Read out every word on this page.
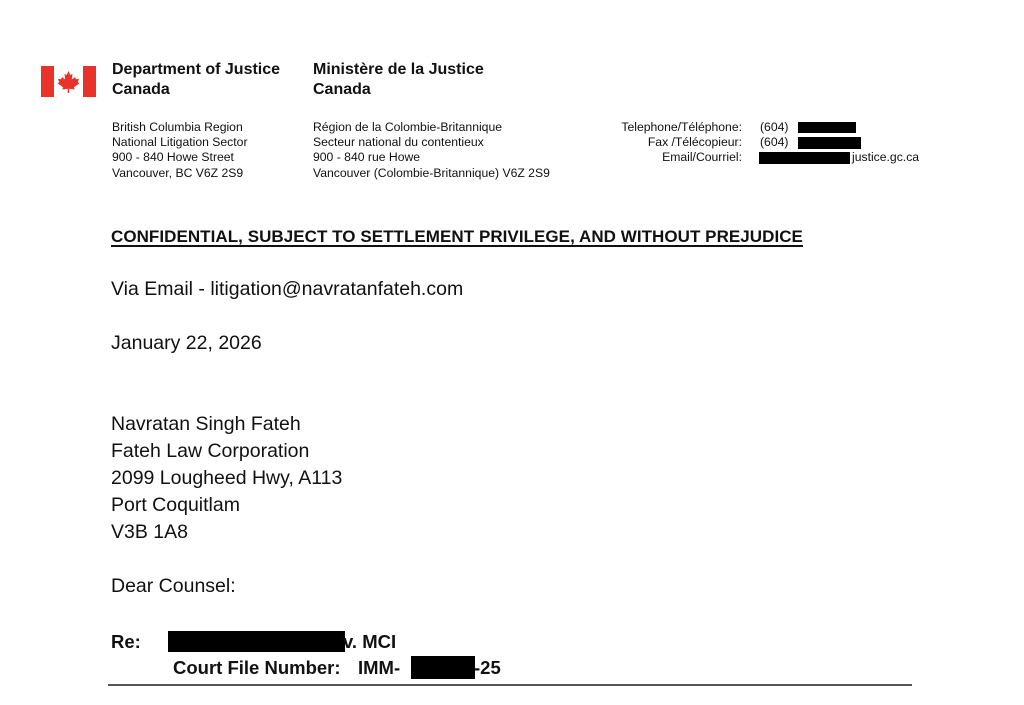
Department of Justice
Canada
Ministère de la Justice
Canada
British Columbia Region
National Litigation Sector
900 - 840 Howe Street
Vancouver, BC V6Z 2S9
Région de la Colombie-Britannique
Secteur national du contentieux
900 - 840 rue Howe
Vancouver (Colombie-Britannique) V6Z 2S9
Telephone/Téléphone: (604)
Fax /Télécopieur: (604)
Email/Courriel:	justice.gc.ca
CONFIDENTIAL, SUBJECT TO SETTLEMENT PRIVILEGE, AND WITHOUT PREJUDICE
Via Email - litigation@navratanfateh.com
January 22, 2026
Navratan Singh Fateh
Fateh Law Corporation
2099 Lougheed Hwy, A113
Port Coquitlam
V3B 1A8
Dear Counsel:
Re:	v. MCI
Court File Number: IMM-	-25
